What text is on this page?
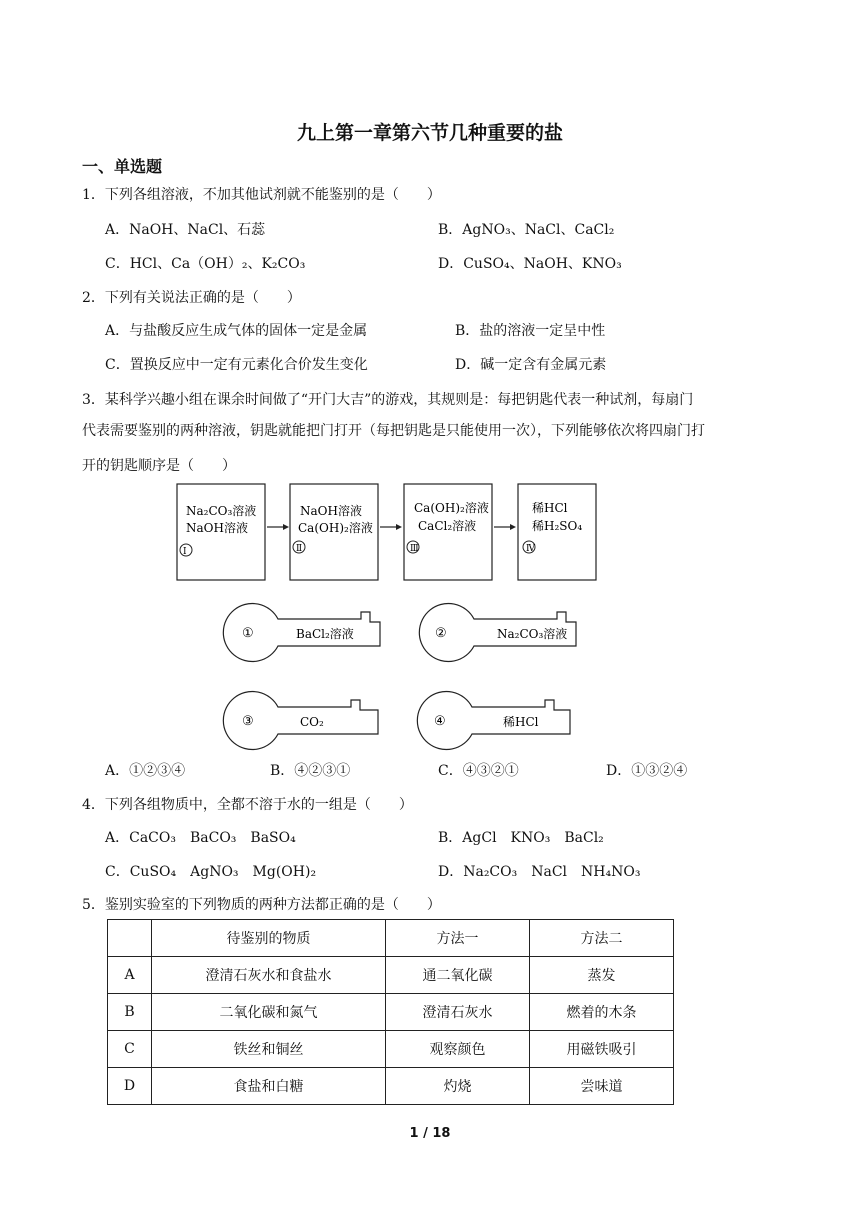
九上第一章第六节几种重要的盐
一、单选题
1．下列各组溶液，不加其他试剂就不能鉴别的是（　　）
A．NaOH、NaCl、石蕊	B．AgNO₃、NaCl、CaCl₂
C．HCl、Ca（OH）₂、K₂CO₃	D．CuSO₄、NaOH、KNO₃
2．下列有关说法正确的是（　　）
A．与盐酸反应生成气体的固体一定是金属	B．盐的溶液一定呈中性
C．置换反应中一定有元素化合价发生变化	D．碱一定含有金属元素
3．某科学兴趣小组在课余时间做了“开门大吉”的游戏，其规则是：每把钥匙代表一种试剂，每扇门
代表需要鉴别的两种溶液，钥匙就能把门打开（每把钥匙是只能使用一次），下列能够依次将四扇门打
开的钥匙顺序是（　　）
Na₂CO₃溶液
NaOH溶液
Ⅰ
NaOH溶液
Ca(OH)₂溶液
Ⅱ
Ca(OH)₂溶液
CaCl₂溶液
Ⅲ
稀HCl
稀H₂SO₄
Ⅳ
①	BaCl₂溶液	②	Na₂CO₃溶液
③	CO₂	④	稀HCl
A．①②③④	B．④②③①	C．④③②①	D．①③②④
4．下列各组物质中，全都不溶于水的一组是（　　）
A．CaCO₃　BaCO₃　BaSO₄	B．AgCl　KNO₃　BaCl₂
C．CuSO₄　AgNO₃　Mg(OH)₂	D．Na₂CO₃　NaCl　NH₄NO₃
5．鉴别实验室的下列物质的两种方法都正确的是（　　）
	待鉴别的物质	方法一	方法二
A	澄清石灰水和食盐水	通二氧化碳	蒸发
B	二氧化碳和氮气	澄清石灰水	燃着的木条
C	铁丝和铜丝	观察颜色	用磁铁吸引
D	食盐和白糖	灼烧	尝味道
1 / 18
